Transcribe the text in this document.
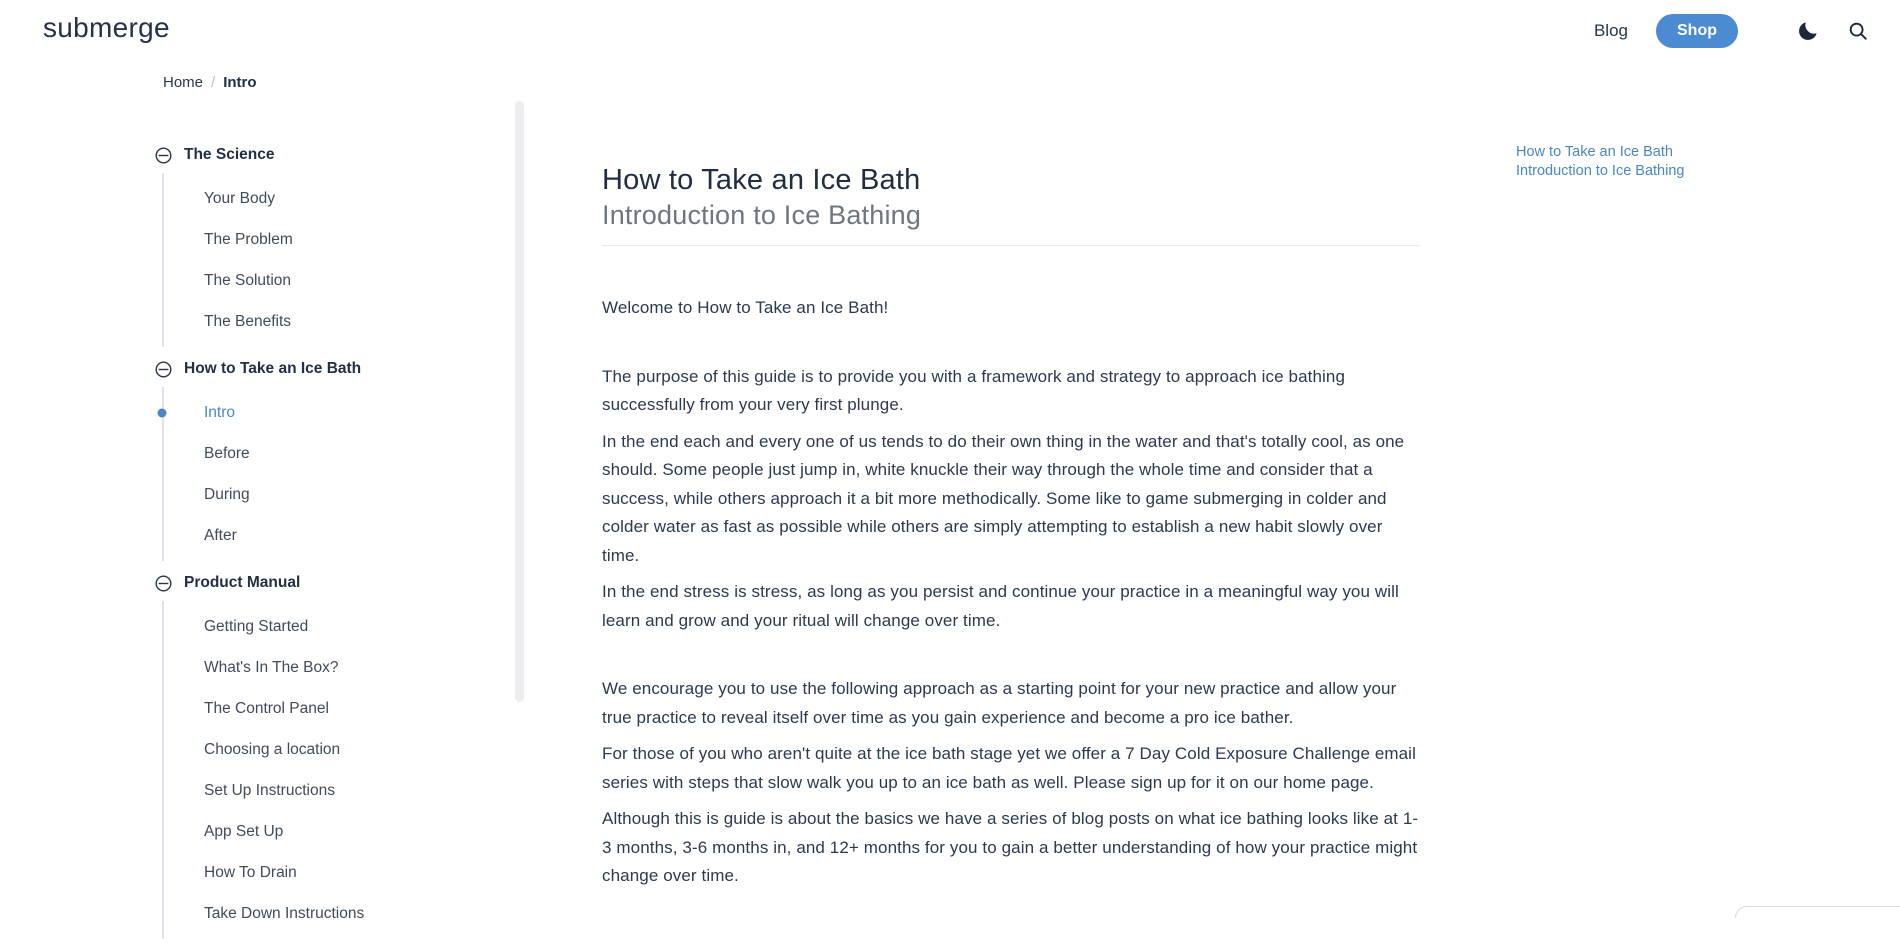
submerge	Blog	Shop
Home / Intro
The Science
Your Body
The Problem
The Solution
The Benefits
How to Take an Ice Bath
Intro
Before
During
After
Product Manual
Getting Started
What's In The Box?
The Control Panel
Choosing a location
Set Up Instructions
App Set Up
How To Drain
Take Down Instructions
How to Take an Ice Bath
Introduction to Ice Bathing

Welcome to How to Take an Ice Bath!

The purpose of this guide is to provide you with a framework and strategy to approach ice bathing successfully from your very first plunge.

In the end each and every one of us tends to do their own thing in the water and that's totally cool, as one should. Some people just jump in, white knuckle their way through the whole time and consider that a success, while others approach it a bit more methodically. Some like to game submerging in colder and colder water as fast as possible while others are simply attempting to establish a new habit slowly over time.

In the end stress is stress, as long as you persist and continue your practice in a meaningful way you will learn and grow and your ritual will change over time.

We encourage you to use the following approach as a starting point for your new practice and allow your true practice to reveal itself over time as you gain experience and become a pro ice bather.

For those of you who aren't quite at the ice bath stage yet we offer a 7 Day Cold Exposure Challenge email series with steps that slow walk you up to an ice bath as well. Please sign up for it on our home page.

Although this is guide is about the basics we have a series of blog posts on what ice bathing looks like at 1-3 months, 3-6 months in, and 12+ months for you to gain a better understanding of how your practice might change over time.

How to Take an Ice Bath
Introduction to Ice Bathing
